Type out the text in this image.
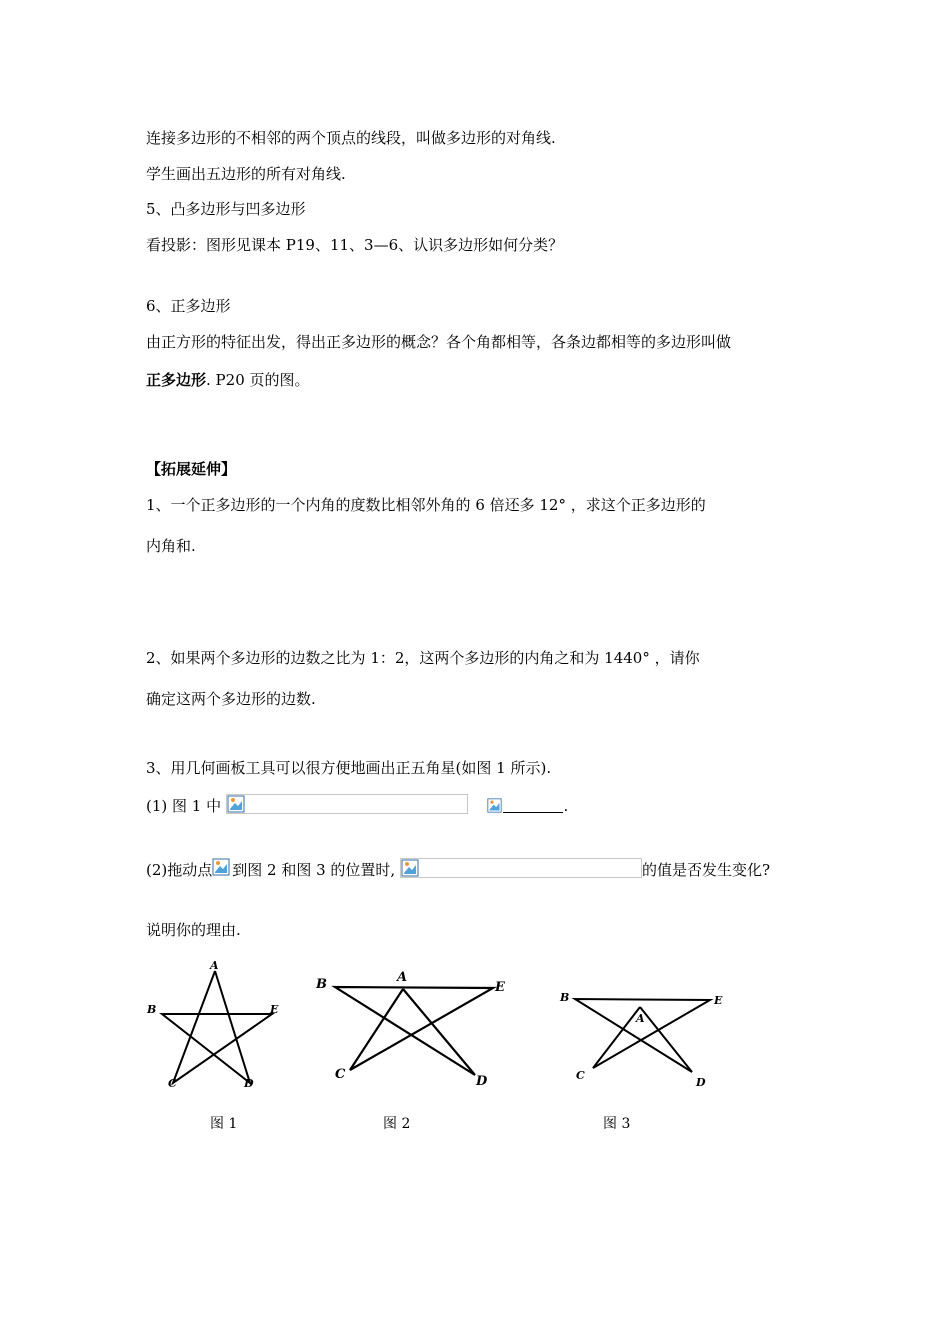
连接多边形的不相邻的两个顶点的线段，叫做多边形的对角线.
学生画出五边形的所有对角线.
5、凸多边形与凹多边形
看投影：图形见课本 P19、11、3—6、认识多边形如何分类？
6、正多边形
由正方形的特征出发，得出正多边形的概念？各个角都相等，各条边都相等的多边形叫做
正多边形. P20 页的图。
【拓展延伸】
1、一个正多边形的一个内角的度数比相邻外角的 6 倍还多 12° ，求这个正多边形的
内角和.
2、如果两个多边形的边数之比为 1：2，这两个多边形的内角之和为 1440° ，请你
确定这两个多边形的边数.
3、用几何画板工具可以很方便地画出正五角星(如图 1 所示).
(1) 图 1 中
	.
(2)拖动点 到图 2 和图 3 的位置时,	的值是否发生变化?
说明你的理由.
A
B	E
C	D
A
B	E
C	D
A
B	E
C
D
图 1	图 2	图 3
